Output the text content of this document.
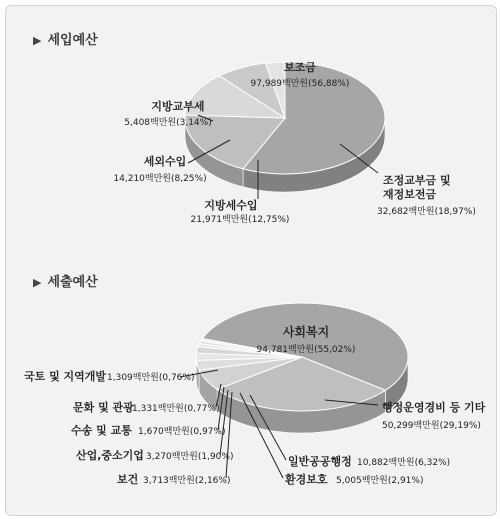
▶ 세입예산
▶ 세출예산
보조금
97,989백만원(56,88%)
조정교부금 및
재정보전금
32,682백만원(18,97%)
지방세수입
21,971백만원(12,75%)
세외수입
14,210백만원(8,25%)
지방교부세
5,408백만원(3,14%)
사회복지
94,781백만원(55,02%)
행정운영경비 등 기타
50,299백만원(29,19%)
일반공공행정 10,882백만원(6,32%)
환경보호 5,005백만원(2,91%)
보건 3,713백만원(2,16%)
산업,중소기업 3,270백만원(1,90%)
수송 및 교통 1,670백만원(0,97%)
문화 및 관광
1,331백만원(0,77%)
국토 및 지역개발 1,309백만원(0,76%)
